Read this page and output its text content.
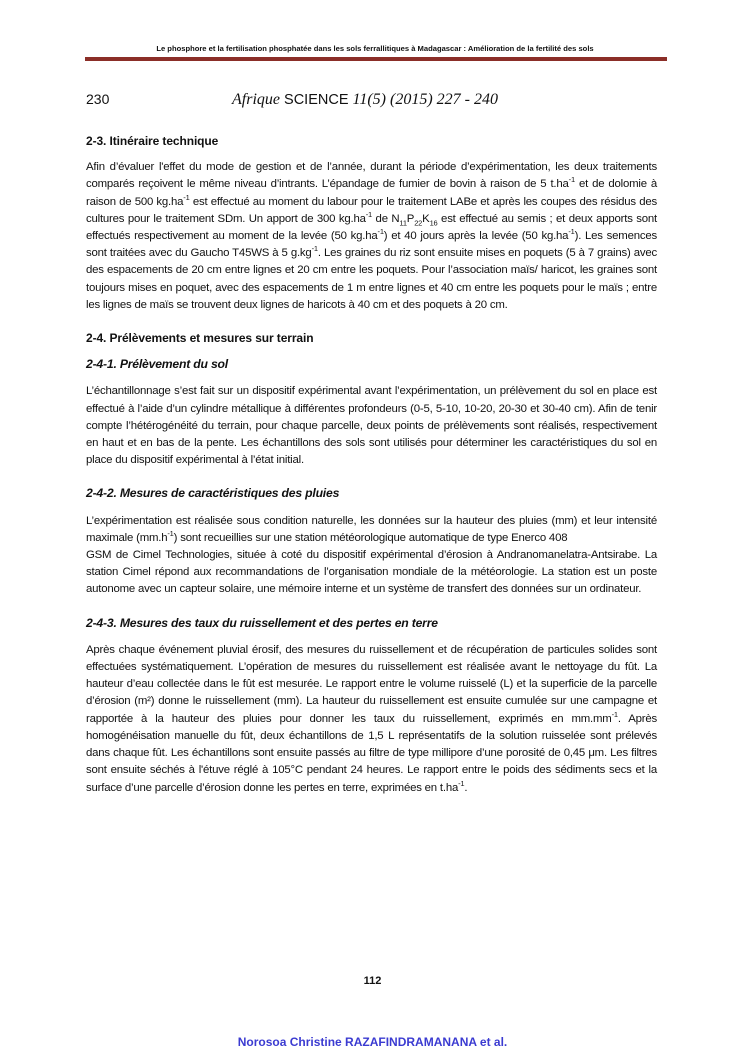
Le phosphore et la fertilisation phosphatée dans les sols ferrallitiques à Madagascar : Amélioration de la fertilité des sols
230	Afrique SCIENCE 11(5) (2015) 227 - 240
2-3. Itinéraire technique

Afin d’évaluer l'effet du mode de gestion et de l’année, durant la période d’expérimentation, les deux traitements comparés reçoivent le même niveau d’intrants. L’épandage de fumier de bovin à raison de 5 $t.ha^{-1}$ et de dolomie à raison de 500 $kg.ha^{-1}$ est effectué au moment du labour pour le traitement LABe et après les coupes des résidus des cultures pour le traitement SDm. Un apport de 300 $kg.ha^{-1}$ de $N_{11}P_{22}K_{16}$ est effectué au semis ; et deux apports sont effectués respectivement au moment de la levée (50 $kg.ha^{-1}$) et 40 jours après la levée (50 $kg.ha^{-1}$). Les semences sont traitées avec du Gaucho T45WS à 5 $g.kg^{-1}$. Les graines du riz sont ensuite mises en poquets (5 à 7 grains) avec des espacements de 20 cm entre lignes et 20 cm entre les poquets. Pour l’association maïs/ haricot, les graines sont toujours mises en poquet, avec des espacements de 1 m entre lignes et 40 cm entre les poquets pour le maïs ; entre les lignes de maïs se trouvent deux lignes de haricots à 40 cm et des poquets à 20 cm.

2-4. Prélèvements et mesures sur terrain
2-4-1. Prélèvement du sol

L’échantillonnage s’est fait sur un dispositif expérimental avant l’expérimentation, un prélèvement du sol en place est effectué à l’aide d’un cylindre métallique à différentes profondeurs (0-5, 5-10, 10-20, 20-30 et 30-40 cm). Afin de tenir compte l’hétérogénéité du terrain, pour chaque parcelle, deux points de prélèvements sont réalisés, respectivement en haut et en bas de la pente. Les échantillons des sols sont utilisés pour déterminer les caractéristiques du sol en place du dispositif expérimental à l’état initial.

2-4-2. Mesures de caractéristiques des pluies

L’expérimentation est réalisée sous condition naturelle, les données sur la hauteur des pluies (mm) et leur intensité maximale $(mm.h^{-1})$ sont recueillies sur une station météorologique automatique de type Enerco 408
GSM de Cimel Technologies, située à coté du dispositif expérimental d’érosion à Andranomanelatra-Antsirabe. La station Cimel répond aux recommandations de l’organisation mondiale de la météorologie. La station est un poste autonome avec un capteur solaire, une mémoire interne et un système de transfert des données sur un ordinateur.

2-4-3. Mesures des taux du ruissellement et des pertes en terre

Après chaque événement pluvial érosif, des mesures du ruissellement et de récupération de particules solides sont effectuées systématiquement. L’opération de mesures du ruissellement est réalisée avant le nettoyage du fût. La hauteur d’eau collectée dans le fût est mesurée. Le rapport entre le volume ruisselé (L) et la superficie de la parcelle d’érosion (m²) donne le ruissellement (mm). La hauteur du ruissellement est ensuite cumulée sur une campagne et rapportée à la hauteur des pluies pour donner les taux du ruissellement, exprimés en $mm.mm^{-1}$. Après homogénéisation manuelle du fût, deux échantillons de 1,5 L représentatifs de la solution ruisselée sont prélevés dans chaque fût. Les échantillons sont ensuite passés au filtre de type millipore d’une porosité de 0,45 μm. Les filtres sont ensuite séchés à l'étuve réglé à 105°C pendant 24 heures. Le rapport entre le poids des sédiments secs et la surface d’une parcelle d’érosion donne les pertes en terre, exprimées en $t.ha^{-1}$.

112
Norosoa Christine RAZAFINDRAMANANA et al.
